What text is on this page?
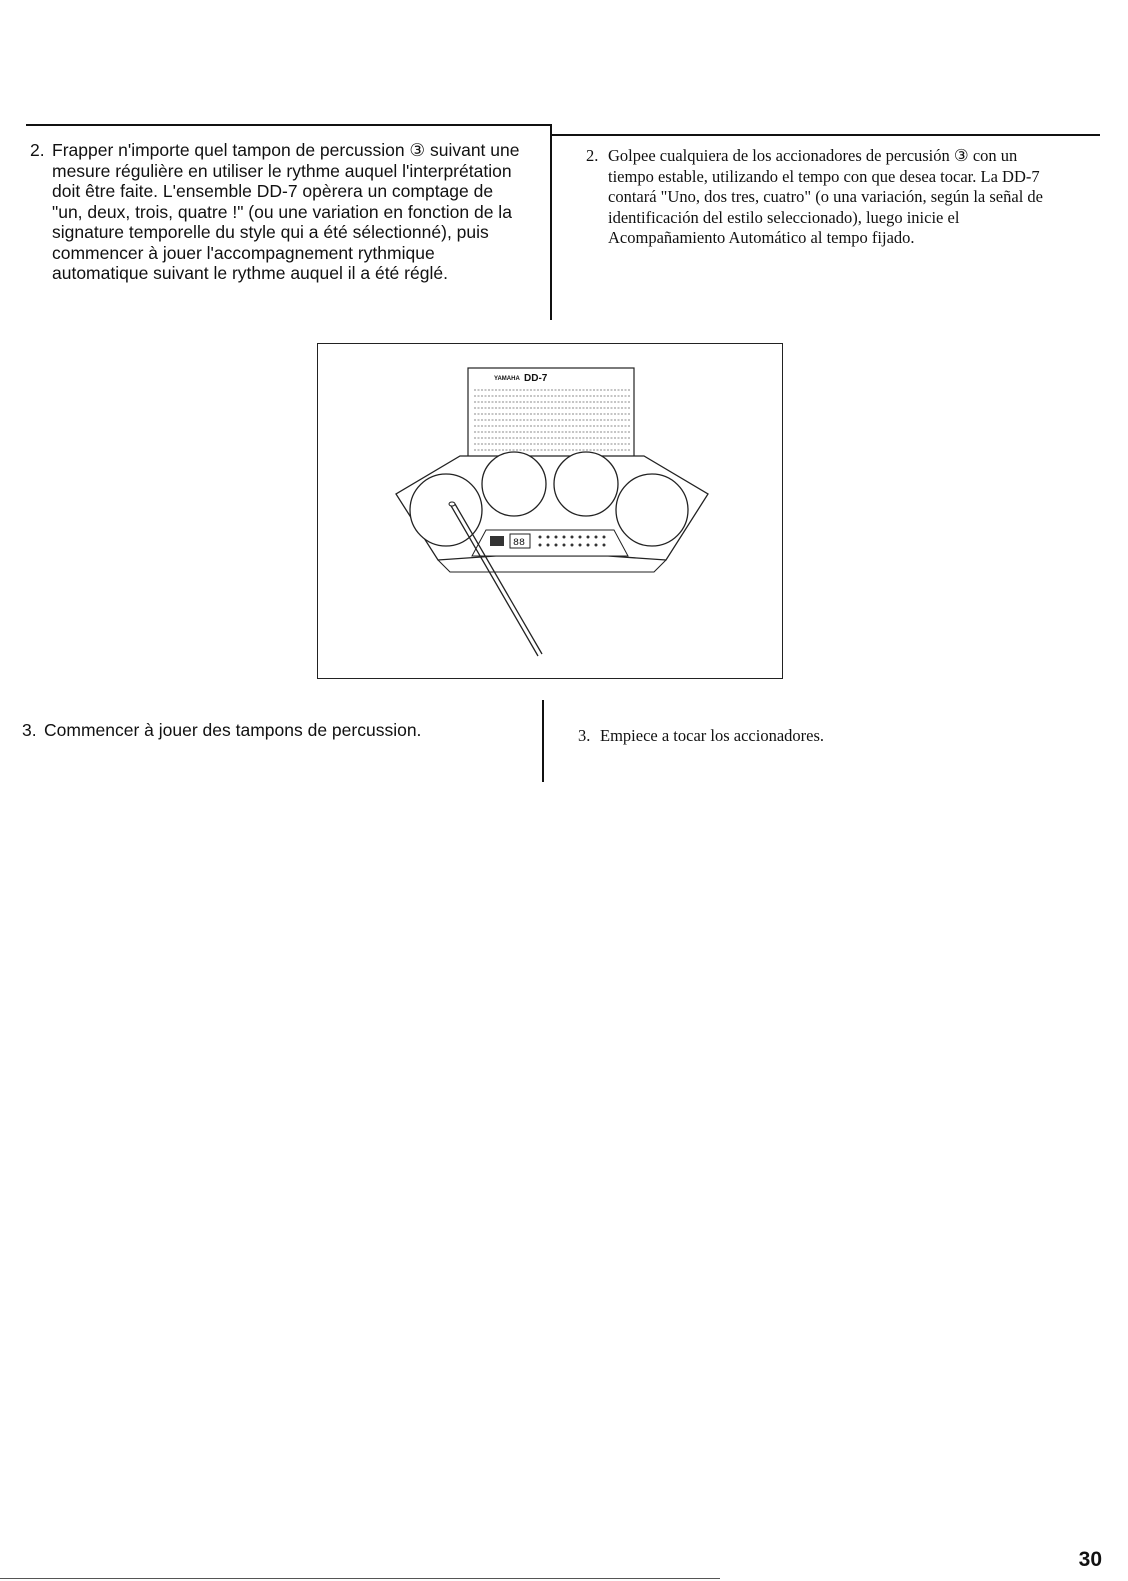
2. Frapper n'importe quel tampon de percussion ③ suivant une mesure régulière en utiliser le rythme auquel l'interprétation doit être faite. L'ensemble DD-7 opèrera un comptage de "un, deux, trois, quatre !" (ou une variation en fonction de la signature temporelle du style qui a été sélectionné), puis commencer à jouer l'accompagnement rythmique automatique suivant le rythme auquel il a été réglé.
2. Golpee cualquiera de los accionadores de percusión ③ con un tiempo estable, utilizando el tempo con que desea tocar. La DD-7 contará "Uno, dos tres, cuatro" (o una variación, según la señal de identificación del estilo seleccionado), luego inicie el Acompañamiento Automático al tempo fijado.
YAMAHA DD-7
88
3. Commencer à jouer des tampons de percussion.	3. Empiece a tocar los accionadores.
30
